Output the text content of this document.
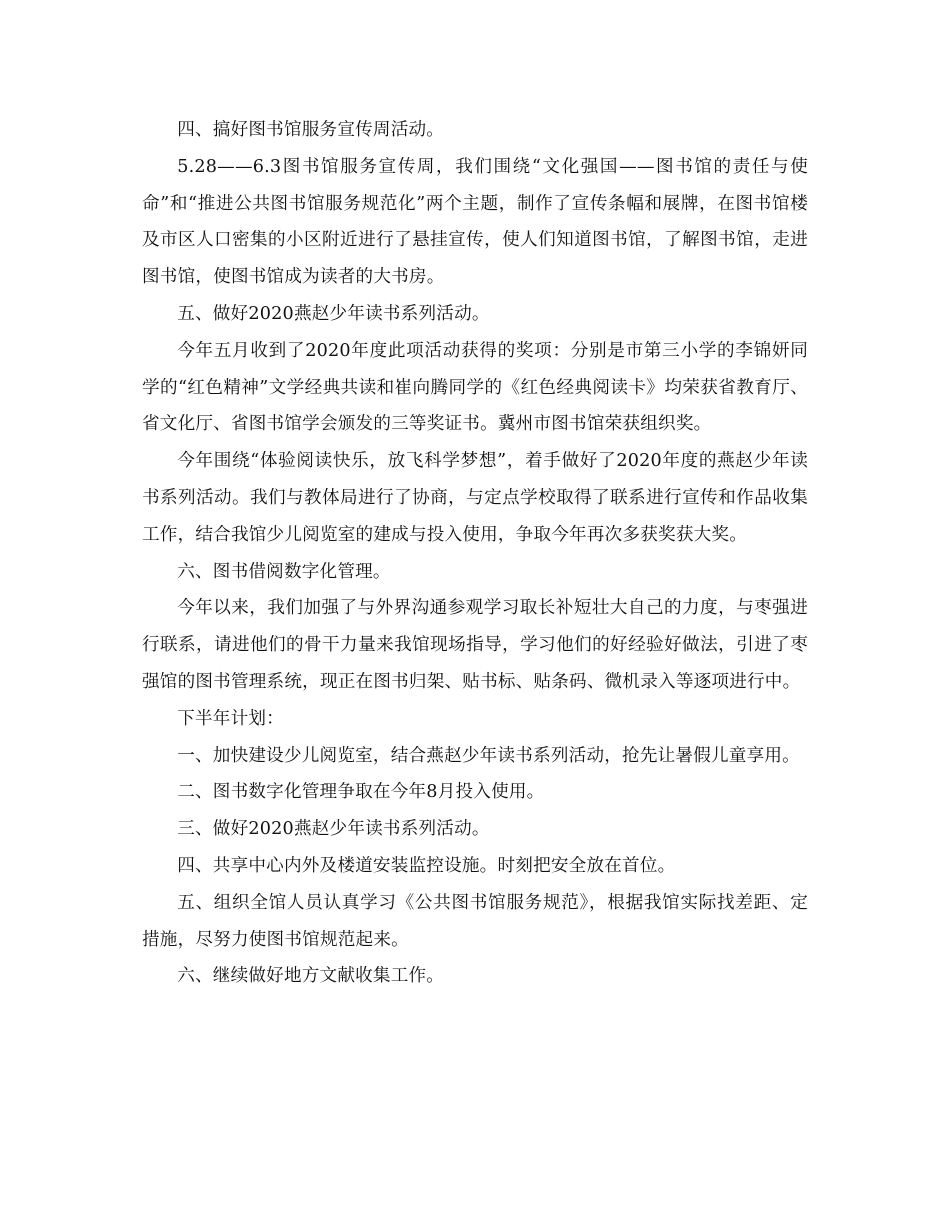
四、搞好图书馆服务宣传周活动。

5.28——6.3图书馆服务宣传周，我们围绕“文化强国——图书馆的责任与使命”和“推进公共图书馆服务规范化”两个主题，制作了宣传条幅和展牌，在图书馆楼及市区人口密集的小区附近进行了悬挂宣传，使人们知道图书馆，了解图书馆，走进图书馆，使图书馆成为读者的大书房。

五、做好2020燕赵少年读书系列活动。

今年五月收到了2020年度此项活动获得的奖项：分别是市第三小学的李锦妍同学的“红色精神”文学经典共读和崔向腾同学的《红色经典阅读卡》均荣获省教育厅、省文化厅、省图书馆学会颁发的三等奖证书。冀州市图书馆荣获组织奖。

今年围绕“体验阅读快乐，放飞科学梦想”，着手做好了2020年度的燕赵少年读书系列活动。我们与教体局进行了协商，与定点学校取得了联系进行宣传和作品收集工作，结合我馆少儿阅览室的建成与投入使用，争取今年再次多获奖获大奖。

六、图书借阅数字化管理。

今年以来，我们加强了与外界沟通参观学习取长补短壮大自己的力度，与枣强进行联系，请进他们的骨干力量来我馆现场指导，学习他们的好经验好做法，引进了枣强馆的图书管理系统，现正在图书归架、贴书标、贴条码、微机录入等逐项进行中。

下半年计划：

一、加快建设少儿阅览室，结合燕赵少年读书系列活动，抢先让暑假儿童享用。

二、图书数字化管理争取在今年8月投入使用。

三、做好2020燕赵少年读书系列活动。

四、共享中心内外及楼道安装监控设施。时刻把安全放在首位。

五、组织全馆人员认真学习《公共图书馆服务规范》，根据我馆实际找差距、定措施，尽努力使图书馆规范起来。

六、继续做好地方文献收集工作。
